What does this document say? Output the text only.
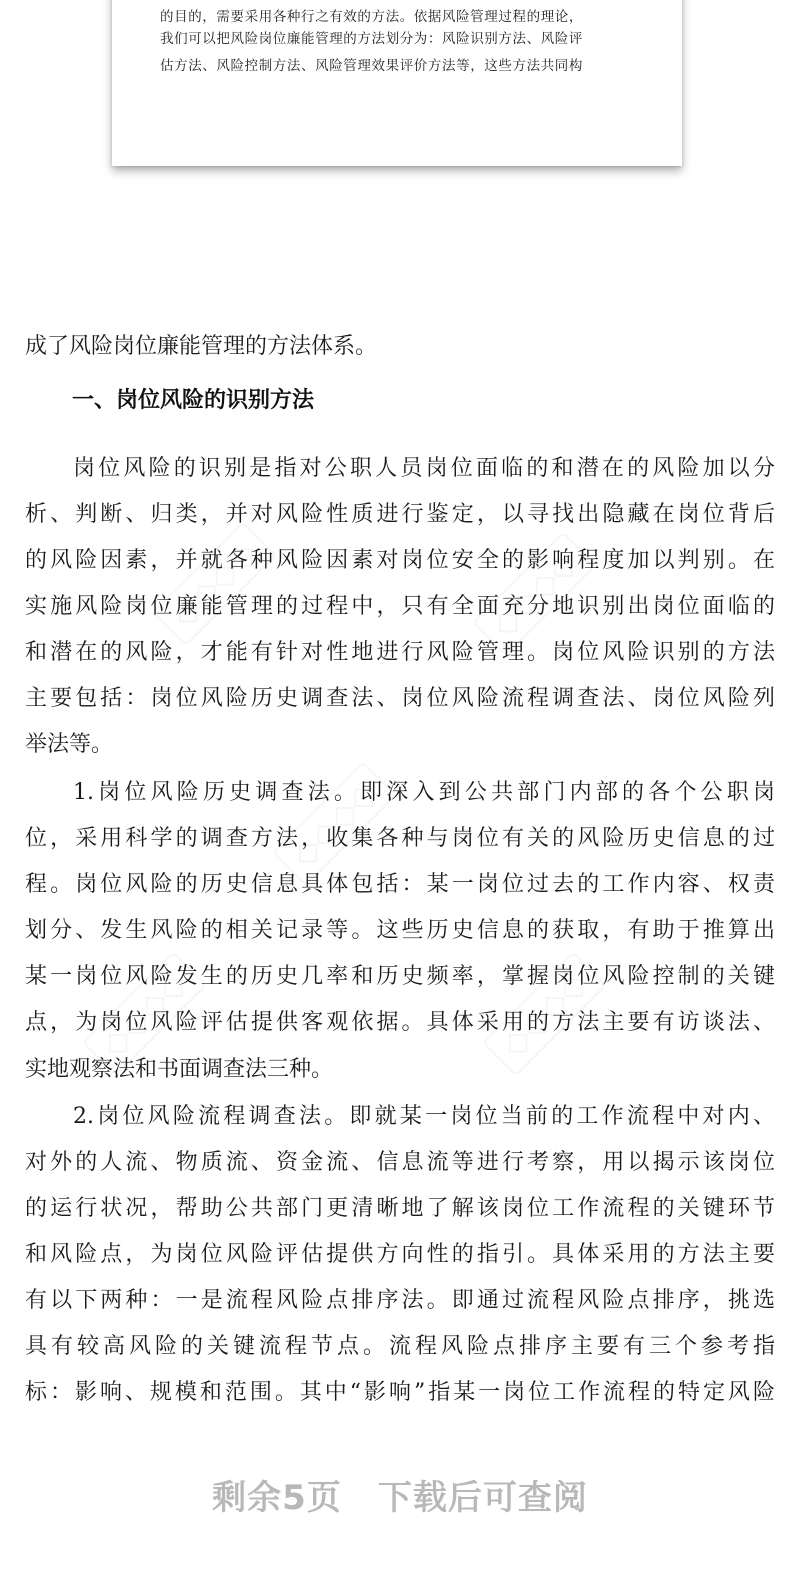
的目的，需要采用各种行之有效的方法。依据风险管理过程的理论，
我们可以把风险岗位廉能管理的方法划分为：风险识别方法、风险评
估方法、风险控制方法、风险管理效果评价方法等，这些方法共同构
◇◇◇◇	◇◇◇◇
◇◇◇◇
◇◇◇◇	◇◇◇◇
成了风险岗位廉能管理的方法体系。
一、岗位风险的识别方法
岗位风险的识别是指对公职人员岗位面临的和潜在的风险加以分
析、判断、归类，并对风险性质进行鉴定，以寻找出隐藏在岗位背后
的风险因素，并就各种风险因素对岗位安全的影响程度加以判别。在
实施风险岗位廉能管理的过程中，只有全面充分地识别出岗位面临的
和潜在的风险，才能有针对性地进行风险管理。岗位风险识别的方法
主要包括：岗位风险历史调查法、岗位风险流程调查法、岗位风险列
举法等。
1.岗位风险历史调查法。即深入到公共部门内部的各个公职岗
位，采用科学的调查方法，收集各种与岗位有关的风险历史信息的过
程。岗位风险的历史信息具体包括：某一岗位过去的工作内容、权责
划分、发生风险的相关记录等。这些历史信息的获取，有助于推算出
某一岗位风险发生的历史几率和历史频率，掌握岗位风险控制的关键
点，为岗位风险评估提供客观依据。具体采用的方法主要有访谈法、
实地观察法和书面调查法三种。
2.岗位风险流程调查法。即就某一岗位当前的工作流程中对内、
对外的人流、物质流、资金流、信息流等进行考察，用以揭示该岗位
的运行状况，帮助公共部门更清晰地了解该岗位工作流程的关键环节
和风险点，为岗位风险评估提供方向性的指引。具体采用的方法主要
有以下两种：一是流程风险点排序法。即通过流程风险点排序，挑选
具有较高风险的关键流程节点。流程风险点排序主要有三个参考指
标：影响、规模和范围。其中“影响”指某一岗位工作流程的特定风险
剩余5页 下载后可查阅
